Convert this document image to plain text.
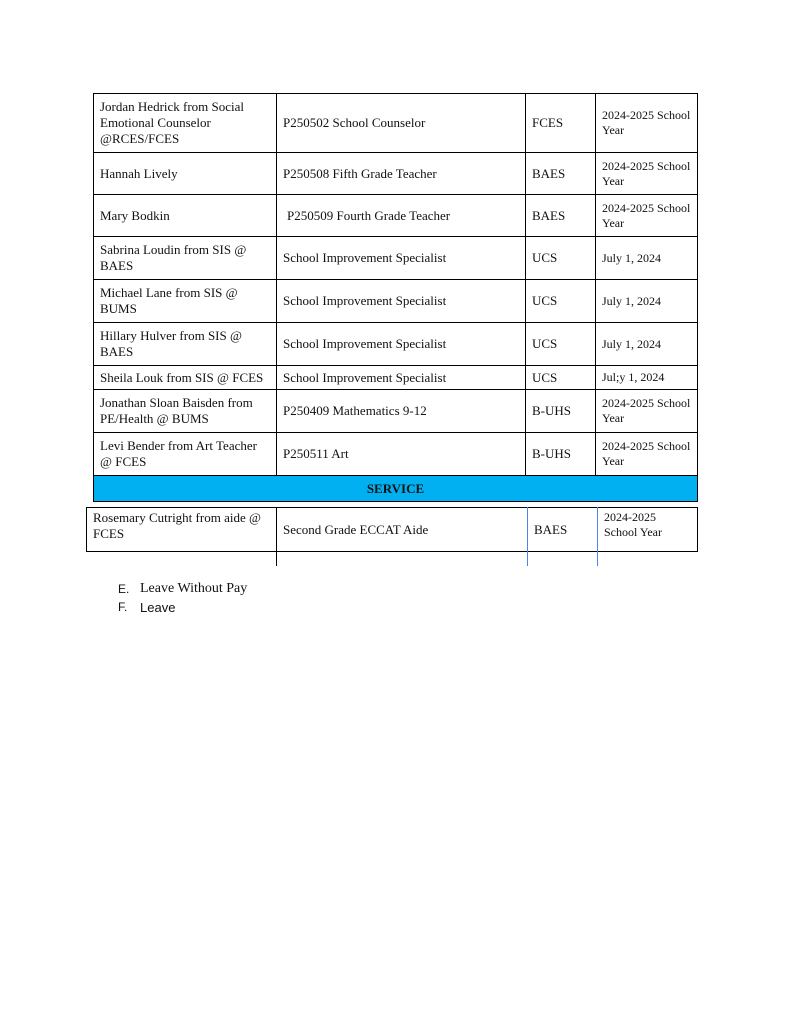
Jordan Hedrick from Social Emotional Counselor @RCES/FCES	P250502 School Counselor	FCES	2024-2025 School Year
Hannah Lively	P250508 Fifth Grade Teacher	BAES	2024-2025 School Year
Mary Bodkin	P250509 Fourth Grade Teacher	BAES	2024-2025 School Year
Sabrina Loudin from SIS @ BAES	School Improvement Specialist	UCS	July 1, 2024
Michael Lane from SIS @ BUMS	School Improvement Specialist	UCS	July 1, 2024
Hillary Hulver from SIS @ BAES	School Improvement Specialist	UCS	July 1, 2024
Sheila Louk from SIS @ FCES	School Improvement Specialist	UCS	Jul;y 1, 2024
Jonathan Sloan Baisden from PE/Health @ BUMS	P250409 Mathematics 9-12	B-UHS	2024-2025 School Year
Levi Bender from Art Teacher @ FCES	P250511 Art	B-UHS	2024-2025 School Year
SERVICE			
Rosemary Cutright from aide @ FCES	Second Grade ECCAT Aide	BAES	2024-2025 School Year
E. Leave Without Pay
F. Leave
